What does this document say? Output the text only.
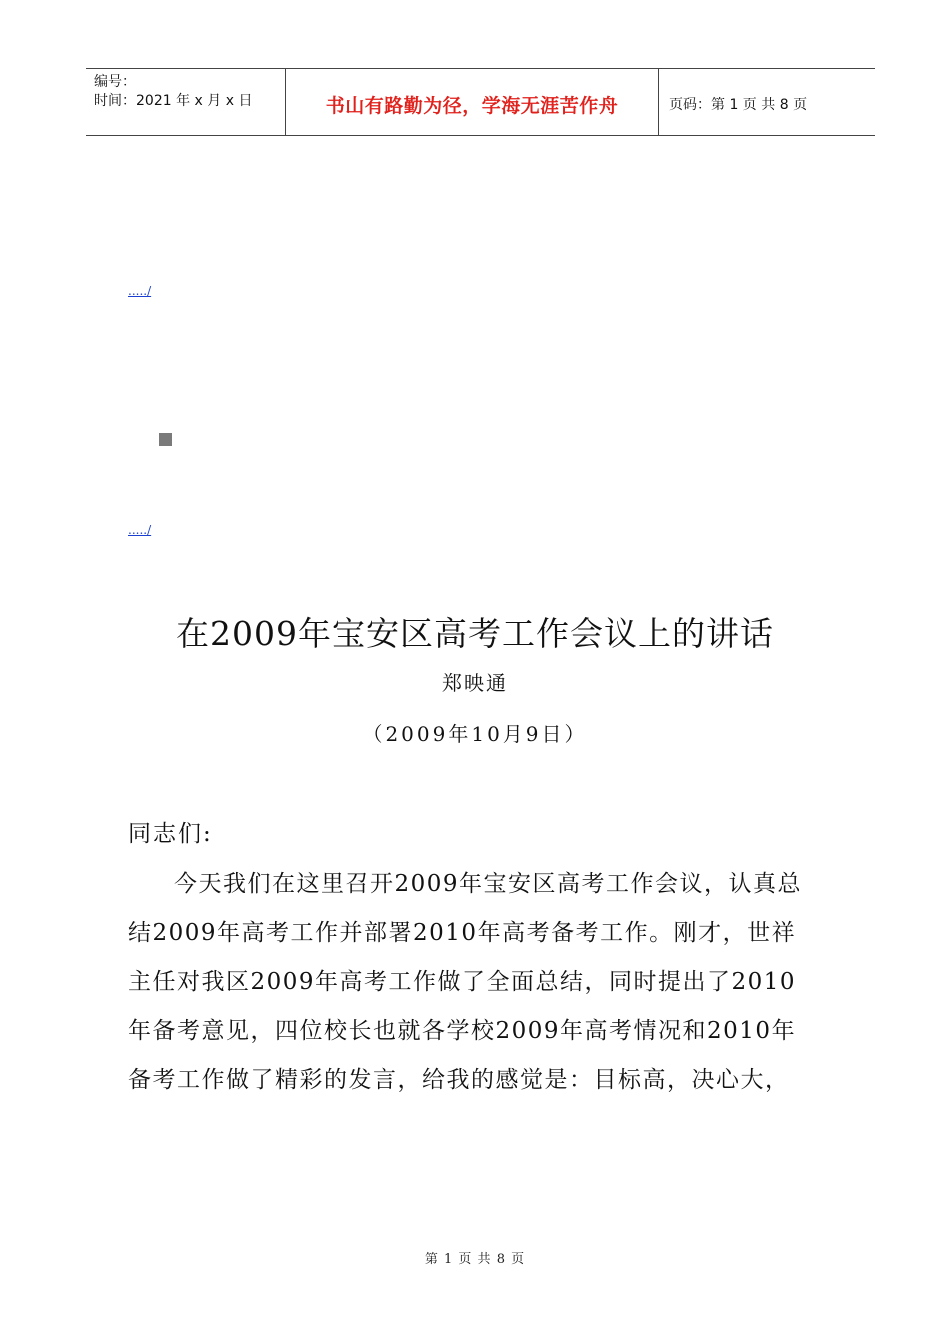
编号：
时间：2021 年 x 月 x 日	书山有路勤为径，学海无涯苦作舟	页码：第 1 页 共 8 页
...../
...../
在2009年宝安区高考工作会议上的讲话
郑映通
（2009年10月9日）
同志们:
今天我们在这里召开2009年宝安区高考工作会议，认真总
结2009年高考工作并部署2010年高考备考工作。刚才，世祥
主任对我区2009年高考工作做了全面总结，同时提出了2010
年备考意见，四位校长也就各学校2009年高考情况和2010年
备考工作做了精彩的发言，给我的感觉是：目标高，决心大，
第 1 页 共 8 页
